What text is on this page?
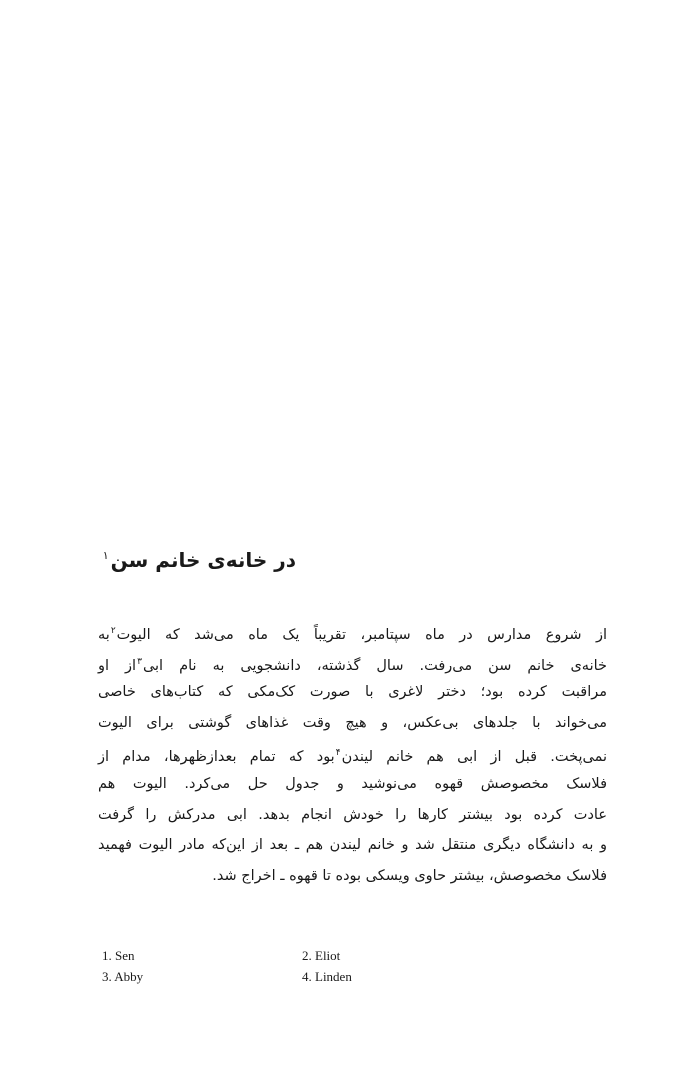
در خانه‌ی خانم سن$^۱$
از شروع مدارس در ماه سپتامبر، تقریباً یک ماه می‌شد که الیوت$^۲$به
خانه‌ی خانم سن می‌رفت. سال گذشته، دانشجویی به نام ابی$^۳$از او
مراقبت کرده بود؛ دختر لاغری با صورت کک‌مکی که کتاب‌های خاصی
می‌خواند با جلدهای بی‌عکس، و هیچ وقت غذاهای گوشتی برای الیوت
نمی‌پخت. قبل از ابی هم خانم لیندن$^۴$بود که تمام بعدازظهرها، مدام از
فلاسک مخصوصش قهوه می‌نوشید و جدول حل می‌کرد. الیوت هم
عادت کرده بود بیشتر کارها را خودش انجام بدهد. ابی مدرکش را گرفت
و به دانشگاه دیگری منتقل شد و خانم لیندن هم ـ بعد از این‌که مادر الیوت فهمید
فلاسک مخصوصش، بیشتر حاوی ویسکی بوده تا قهوه ـ اخراج شد.
1. Sen	2. Eliot
3. Abby	4. Linden
